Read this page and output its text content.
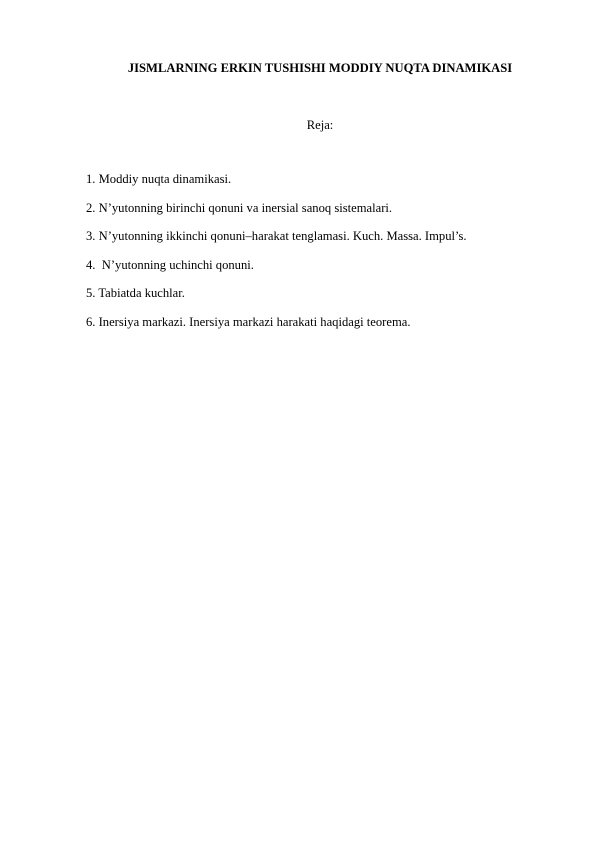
JISMLARNING ERKIN TUSHISHI MODDIY NUQTA DINAMIKASI
Reja:
1. Moddiy nuqta dinamikasi.
2. N’yutonning birinchi qonuni va inersial sanoq sistemalari.
3. N’yutonning ikkinchi qonuni–harakat tenglamasi. Kuch. Massa. Impul’s.
4.  N’yutonning uchinchi qonuni.
5. Tabiatda kuchlar.
6. Inersiya markazi. Inersiya markazi harakati haqidagi teorema.
